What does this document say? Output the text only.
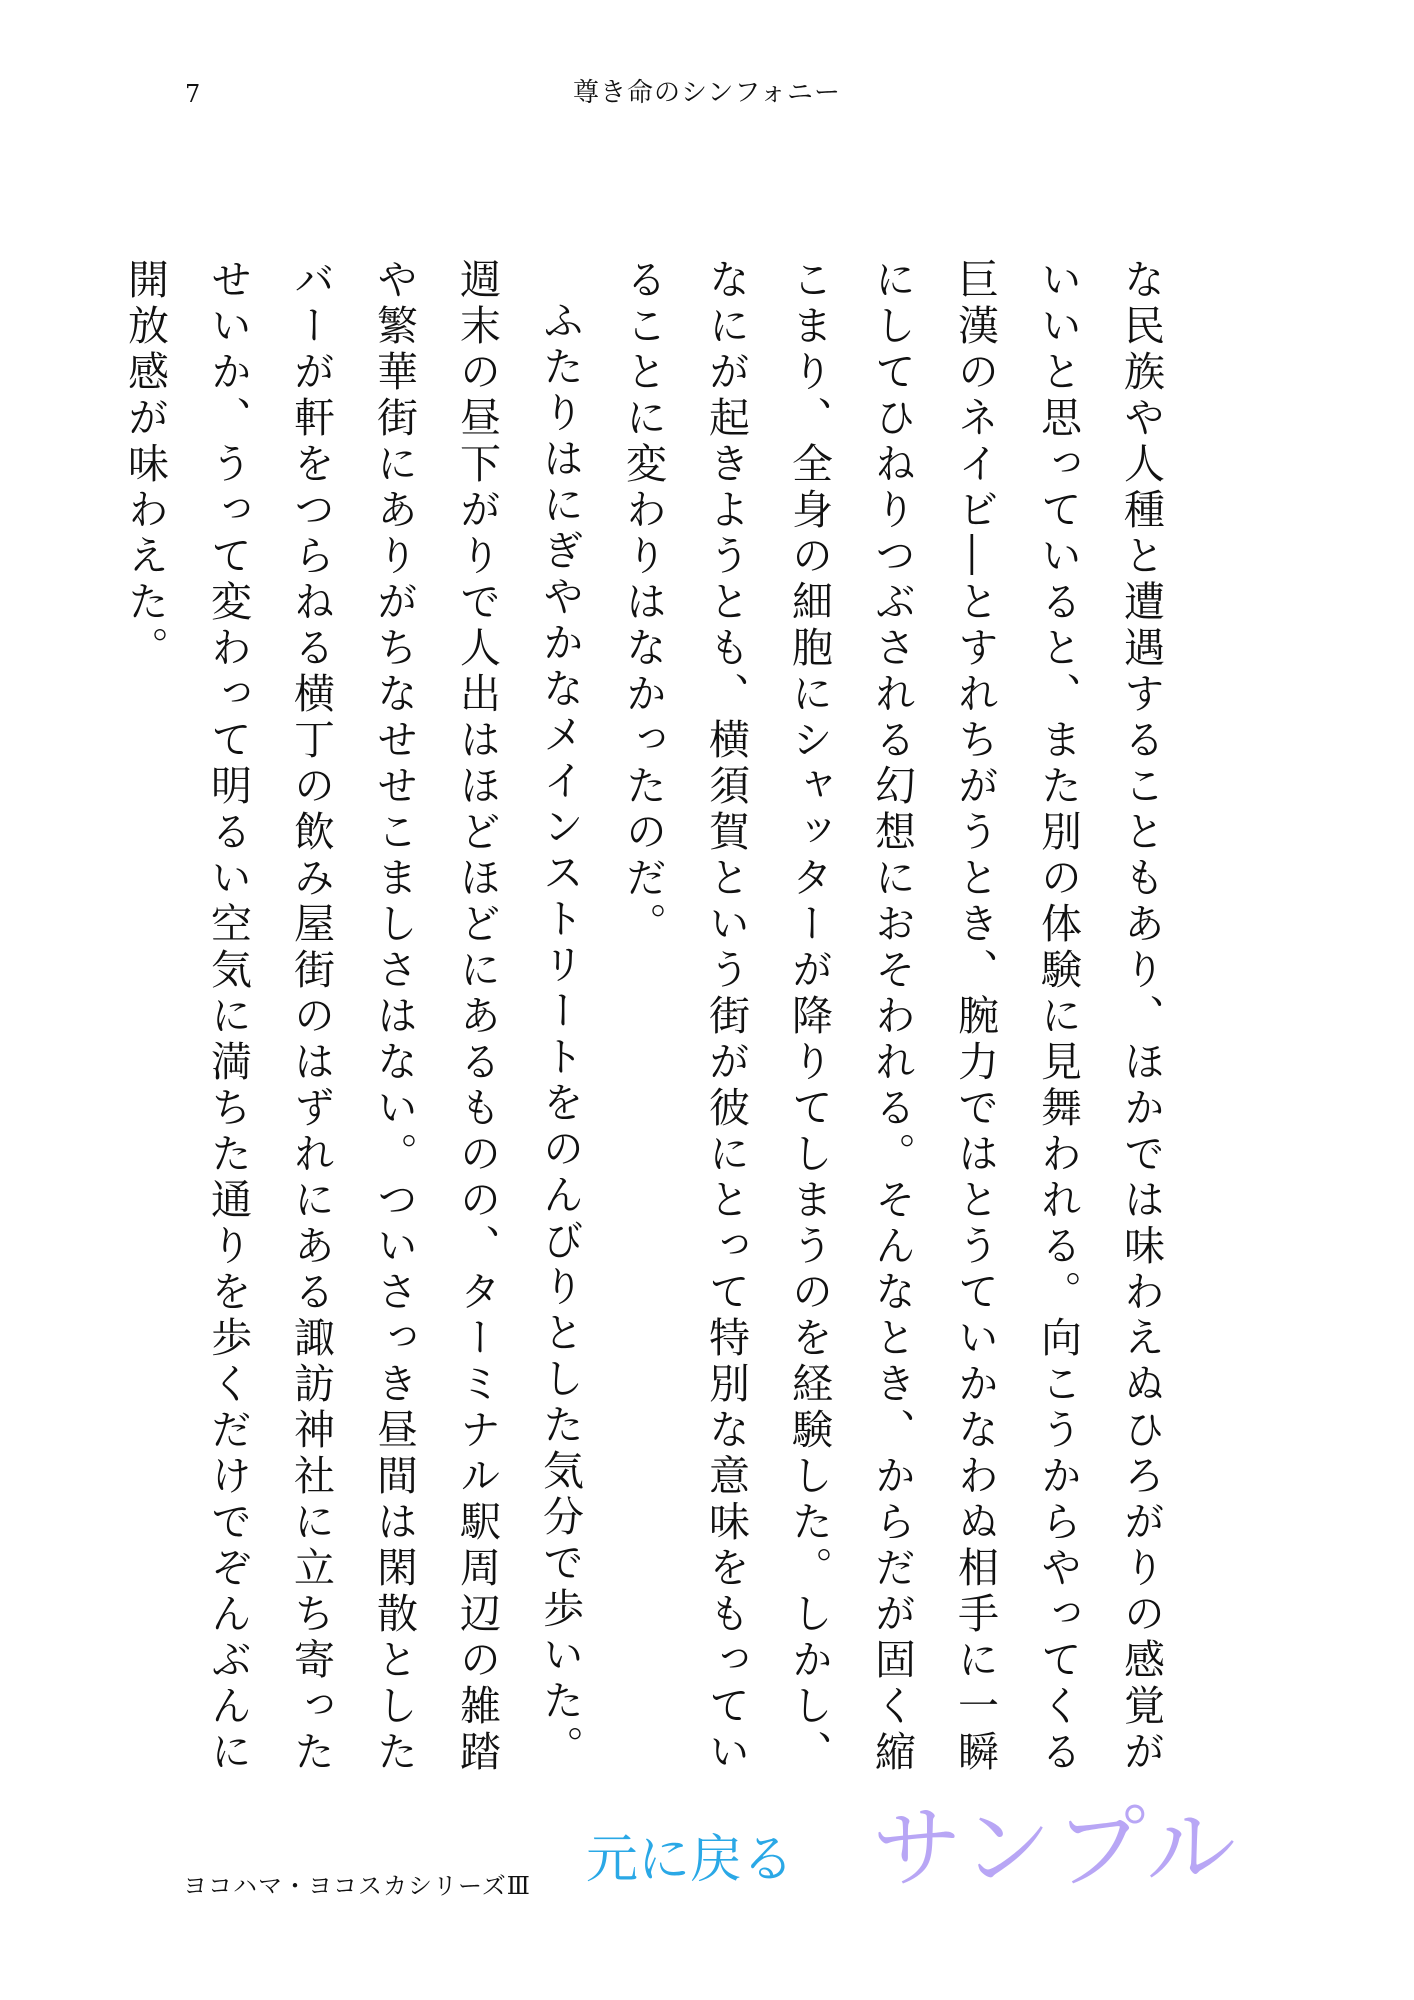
7	尊き命のシンフォニー

な民族や人種と遭遇することもあり、ほかでは味わえぬひろがりの感覚がいいと思っていると、また別の体験に見舞われる。向こうからやってくる巨漢のネイビ―とすれちがうとき、腕力ではとうていかなわぬ相手に一瞬にしてひねりつぶされる幻想におそわれる。そんなとき、からだが固く縮こまり、全身の細胞にシャッターが降りてしまうのを経験した。しかし、なにが起きようとも、横須賀という街が彼にとって特別な意味をもっていることに変わりはなかったのだ。

ふたりはにぎやかなメインストリートをのんびりとした気分で歩いた。週末の昼下がりで人出はほどほどにあるものの、ターミナル駅周辺の雑踏や繁華街にありがちなせせこましさはない。ついさっき昼間は閑散としたバーが軒をつらねる横丁の飲み屋街のはずれにある諏訪神社に立ち寄ったせいか、うって変わって明るい空気に満ちた通りを歩くだけでぞんぶんに開放感が味わえた。

ヨコハマ・ヨコスカシリーズⅢ 元に戻る サンプル
